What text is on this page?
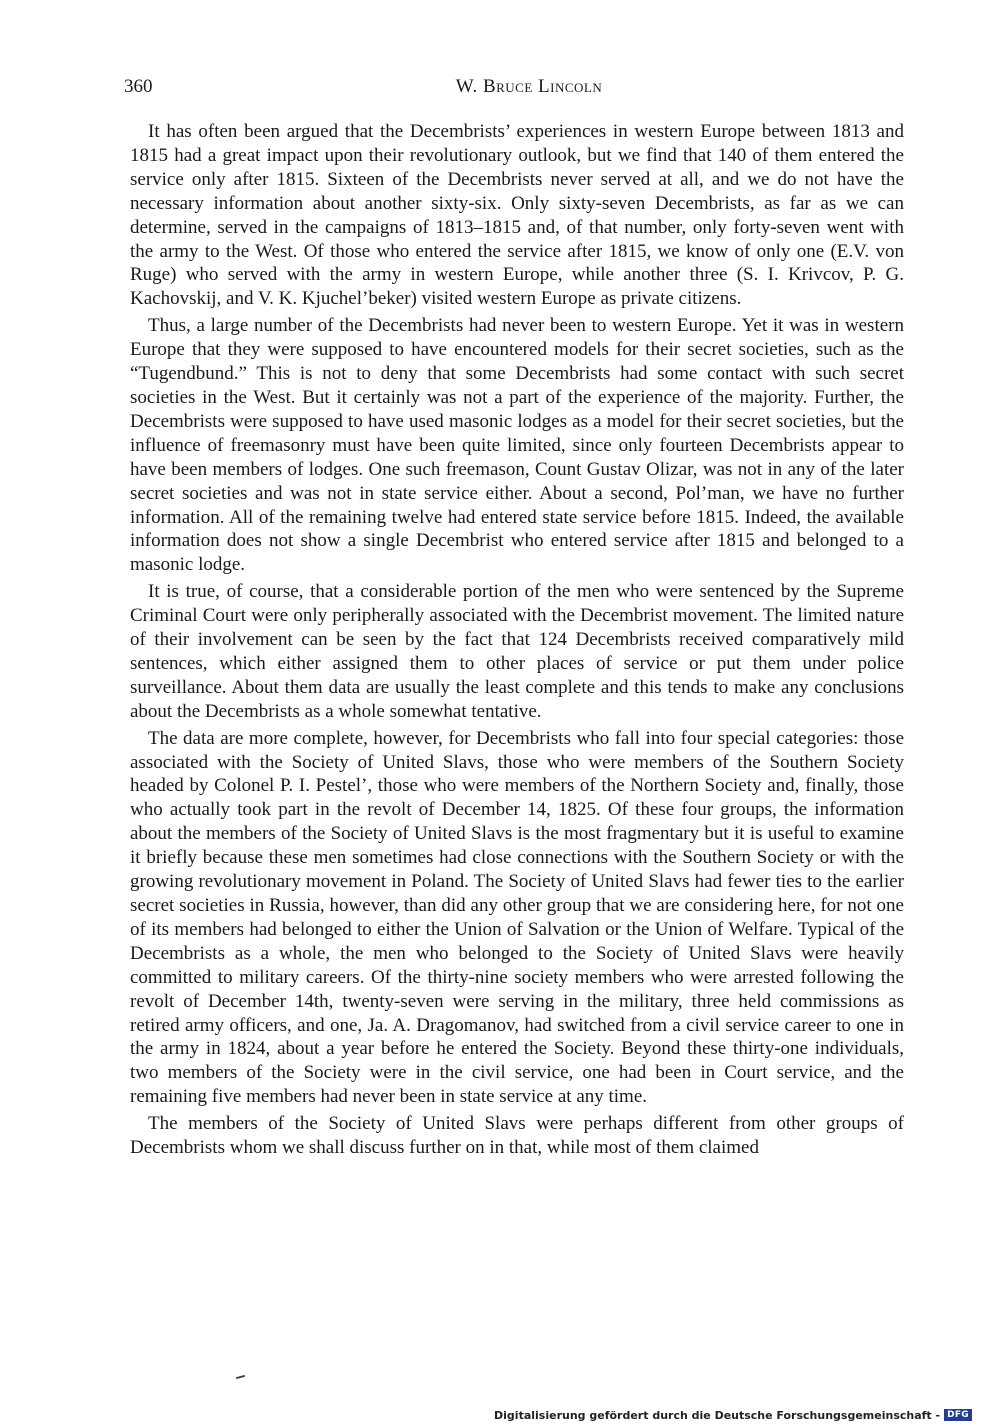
360	W. Bruce Lincoln

It has often been argued that the Decembrists’ experiences in western Europe between 1813 and 1815 had a great impact upon their revolutionary outlook, but we find that 140 of them entered the service only after 1815. Sixteen of the Decembrists never served at all, and we do not have the necessary information about another sixty-six. Only sixty-seven Decembrists, as far as we can determine, served in the campaigns of 1813–1815 and, of that number, only forty-seven went with the army to the West. Of those who entered the service after 1815, we know of only one (E.V. von Ruge) who served with the army in western Europe, while another three (S. I. Krivcov, P. G. Kachovskij, and V. K. Kjuchel’beker) visited western Europe as private citizens.

Thus, a large number of the Decembrists had never been to western Europe. Yet it was in western Europe that they were supposed to have encountered models for their secret societies, such as the “Tugendbund.” This is not to deny that some Decembrists had some contact with such secret societies in the West. But it certainly was not a part of the experience of the majority. Further, the Decembrists were supposed to have used masonic lodges as a model for their secret societies, but the influence of freemasonry must have been quite limited, since only fourteen Decembrists appear to have been members of lodges. One such freemason, Count Gustav Olizar, was not in any of the later secret societies and was not in state service either. About a second, Pol’man, we have no further information. All of the remaining twelve had entered state service before 1815. Indeed, the available information does not show a single Decembrist who entered service after 1815 and belonged to a masonic lodge.

It is true, of course, that a considerable portion of the men who were sentenced by the Supreme Criminal Court were only peripherally associated with the Decembrist movement. The limited nature of their involvement can be seen by the fact that 124 Decembrists received comparatively mild sentences, which either assigned them to other places of service or put them under police surveillance. About them data are usually the least complete and this tends to make any conclusions about the Decembrists as a whole somewhat tentative.

The data are more complete, however, for Decembrists who fall into four special categories: those associated with the Society of United Slavs, those who were members of the Southern Society headed by Colonel P. I. Pestel’, those who were members of the Northern Society and, finally, those who actually took part in the revolt of December 14, 1825. Of these four groups, the information about the members of the Society of United Slavs is the most fragmentary but it is useful to examine it briefly because these men sometimes had close connections with the Southern Society or with the growing revolutionary movement in Poland. The Society of United Slavs had fewer ties to the earlier secret societies in Russia, however, than did any other group that we are considering here, for not one of its members had belonged to either the Union of Salvation or the Union of Welfare. Typical of the Decembrists as a whole, the men who belonged to the Society of United Slavs were heavily committed to military careers. Of the thirty-nine society members who were arrested following the revolt of December 14th, twenty-seven were serving in the military, three held commissions as retired army officers, and one, Ja. A. Dragomanov, had switched from a civil service career to one in the army in 1824, about a year before he entered the Society. Beyond these thirty-one individuals, two members of the Society were in the civil service, one had been in Court service, and the remaining five members had never been in state service at any time.

The members of the Society of United Slavs were perhaps different from other groups of Decembrists whom we shall discuss further on in that, while most of them claimed

Digitalisierung gefördert durch die Deutsche Forschungsgemeinschaft - DFG
